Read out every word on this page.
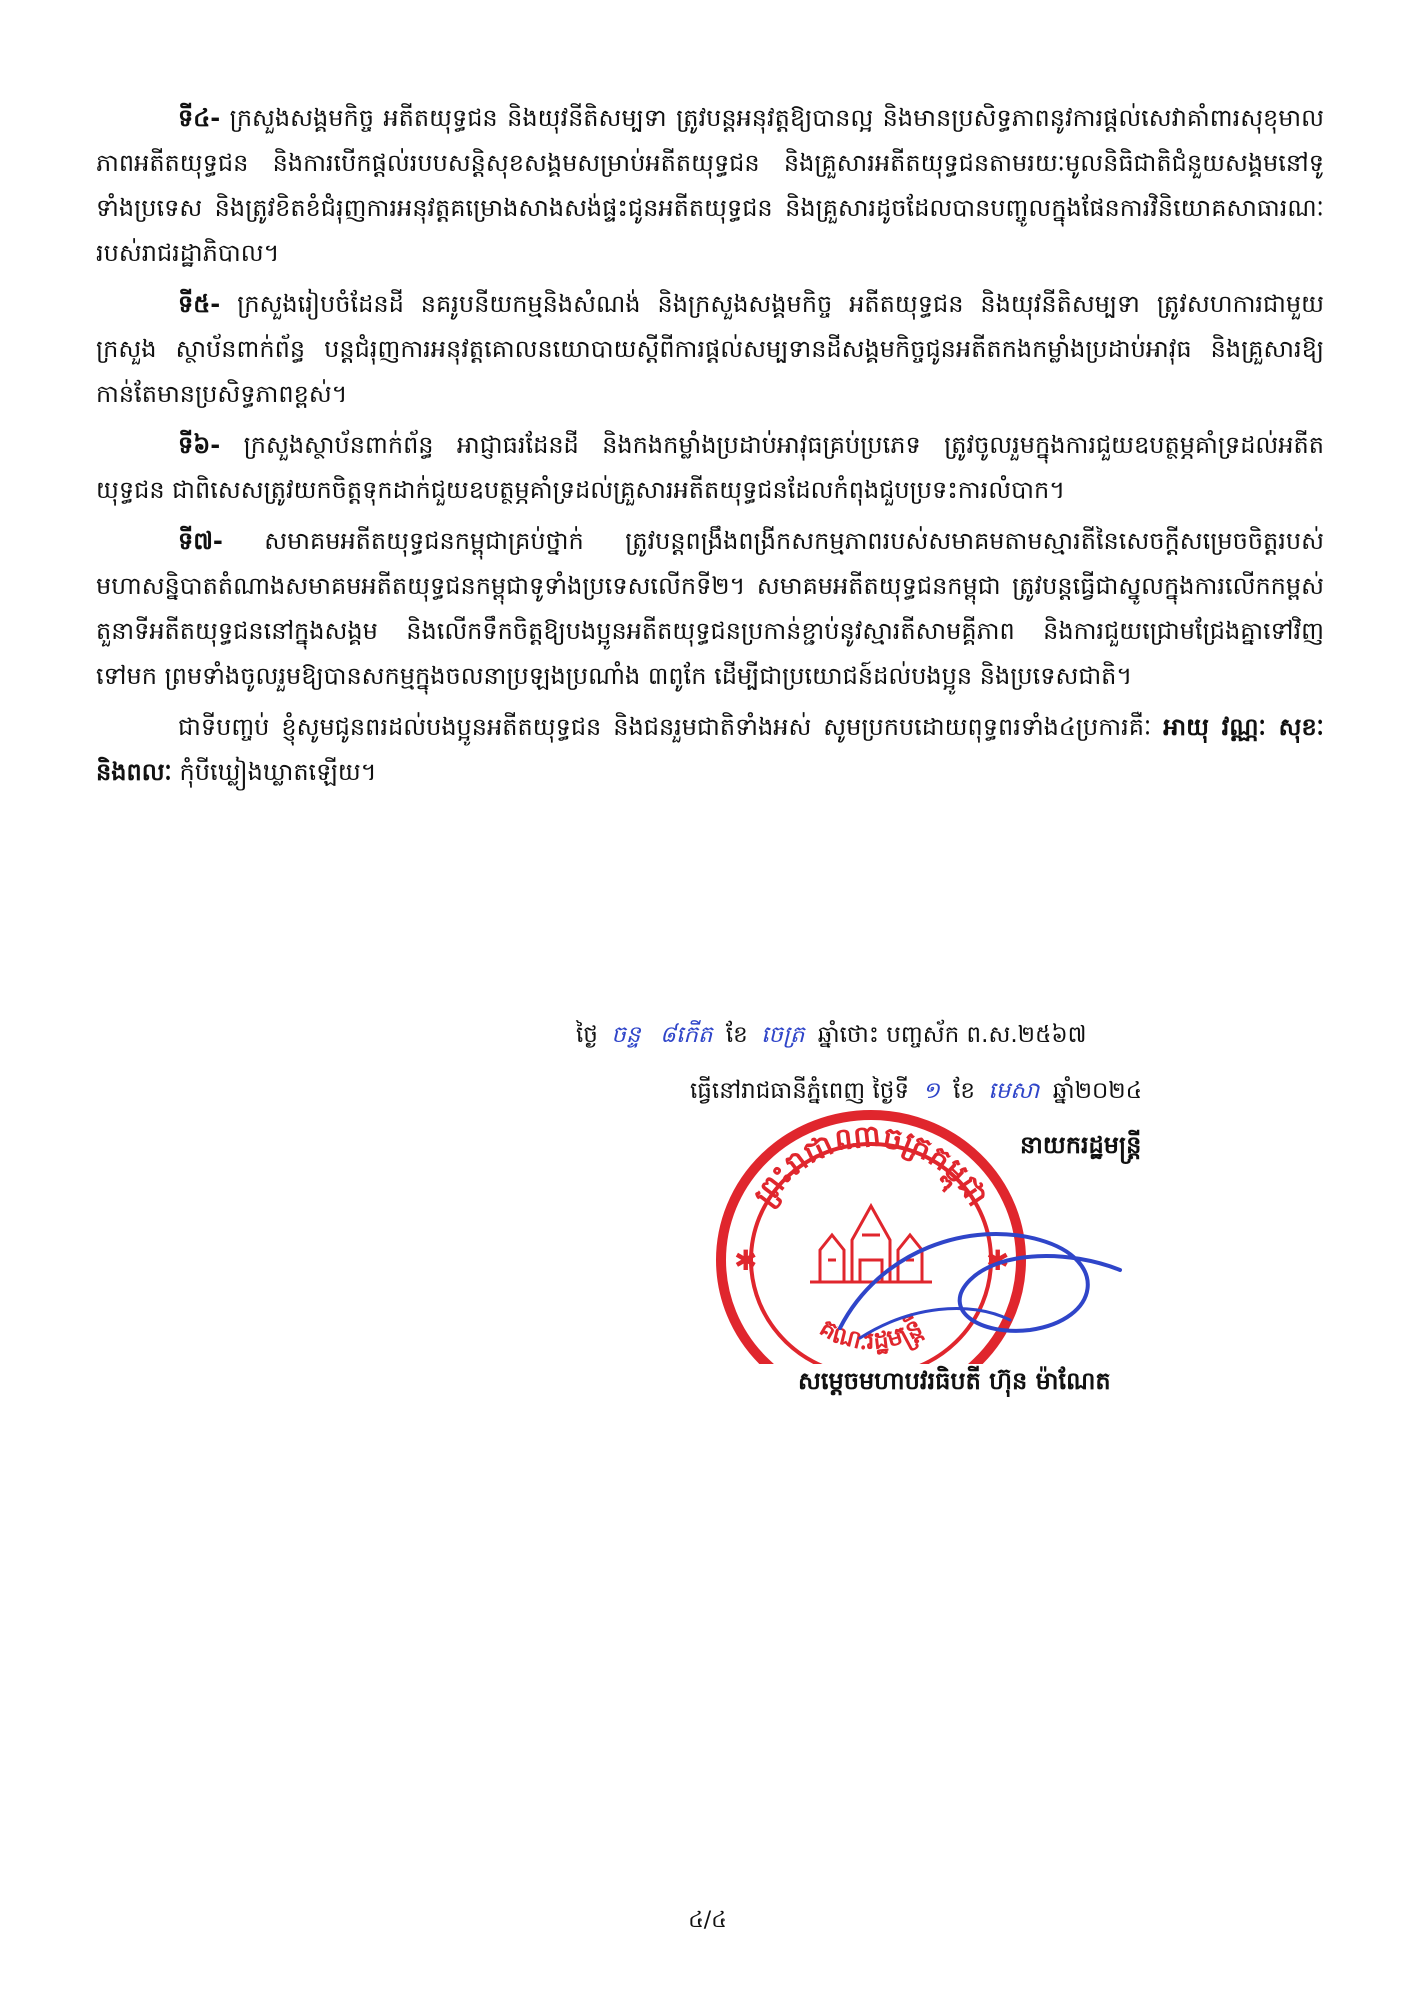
ទី៤- ក្រសួងសង្គមកិច្ច អតីតយុទ្ធជន និងយុវនីតិសម្បទា ត្រូវបន្តអនុវត្តឱ្យបានល្អ និងមានប្រសិទ្ធភាពនូវការផ្ដល់សេវាគាំពារសុខុមាលភាពអតីតយុទ្ធជន និងការបើកផ្ដល់របបសន្តិសុខសង្គមសម្រាប់អតីតយុទ្ធជន និងគ្រួសារអតីតយុទ្ធជនតាមរយៈមូលនិធិជាតិជំនួយសង្គមនៅទូទាំងប្រទេស និងត្រូវខិតខំជំរុញការអនុវត្តគម្រោងសាងសង់ផ្ទះជូនអតីតយុទ្ធជន និងគ្រួសារដូចដែលបានបញ្ចូលក្នុងផែនការវិនិយោគសាធារណៈរបស់រាជរដ្ឋាភិបាល។

ទី៥- ក្រសួងរៀបចំដែនដី នគរូបនីយកម្មនិងសំណង់ និងក្រសួងសង្គមកិច្ច អតីតយុទ្ធជន និងយុវនីតិសម្បទា ត្រូវសហការជាមួយក្រសួង ស្ថាប័នពាក់ព័ន្ធ បន្តជំរុញការអនុវត្តគោលនយោបាយស្ដីពីការផ្ដល់សម្បទានដីសង្គមកិច្ចជូនអតីតកងកម្លាំងប្រដាប់អាវុធ និងគ្រួសារឱ្យកាន់តែមានប្រសិទ្ធភាពខ្ពស់។

ទី៦- ក្រសួងស្ថាប័នពាក់ព័ន្ធ អាជ្ញាធរដែនដី និងកងកម្លាំងប្រដាប់អាវុធគ្រប់ប្រភេទ ត្រូវចូលរួមក្នុងការជួយឧបត្ថម្ភគាំទ្រដល់អតីតយុទ្ធជន ជាពិសេសត្រូវយកចិត្តទុកដាក់ជួយឧបត្ថម្ភគាំទ្រដល់គ្រួសារអតីតយុទ្ធជនដែលកំពុងជួបប្រទះការលំបាក។

ទី៧- សមាគមអតីតយុទ្ធជនកម្ពុជាគ្រប់ថ្នាក់ ត្រូវបន្តពង្រឹងពង្រីកសកម្មភាពរបស់សមាគមតាមស្មារតីនៃសេចក្ដីសម្រេចចិត្តរបស់មហាសន្និបាតតំណាងសមាគមអតីតយុទ្ធជនកម្ពុជាទូទាំងប្រទេសលើកទី២។ សមាគមអតីតយុទ្ធជនកម្ពុជា ត្រូវបន្តធ្វើជាស្នូលក្នុងការលើកកម្ពស់តួនាទីអតីតយុទ្ធជននៅក្នុងសង្គម និងលើកទឹកចិត្តឱ្យបងប្អូនអតីតយុទ្ធជនប្រកាន់ខ្ជាប់នូវស្មារតីសាមគ្គីភាព និងការជួយជ្រោមជ្រែងគ្នាទៅវិញទៅមក ព្រមទាំងចូលរួមឱ្យបានសកម្មក្នុងចលនាប្រឡងប្រណាំង ៣ពូកែ ដើម្បីជាប្រយោជន៍ដល់បងប្អូន និងប្រទេសជាតិ។

ជាទីបញ្ចប់ ខ្ញុំសូមជូនពរដល់បងប្អូនអតីតយុទ្ធជន និងជនរួមជាតិទាំងអស់ សូមប្រកបដោយពុទ្ធពរទាំង៤ប្រការគឺៈ អាយុ វណ្ណៈ សុខៈ និងពលៈ កុំបីឃ្លៀងឃ្លាតឡើយ។

ថ្ងៃ ចន្ទ ៨កើត ខែ ចេត្រ ឆ្នាំថោះ បញ្ចស័ក ព.ស.២៥៦៧
ធ្វើនៅរាជធានីភ្នំពេញ ថ្ងៃទី ១ ខែ មេសា ឆ្នាំ២០២៤
ព្រះរាជាណាចក្រកម្ពុជា
គណៈរដ្ឋមន្ត្រី
✱	✱
នាយករដ្ឋមន្ត្រី
សម្តេចមហាបវរធិបតី ហ៊ុន ម៉ាណែត
៤/៤
